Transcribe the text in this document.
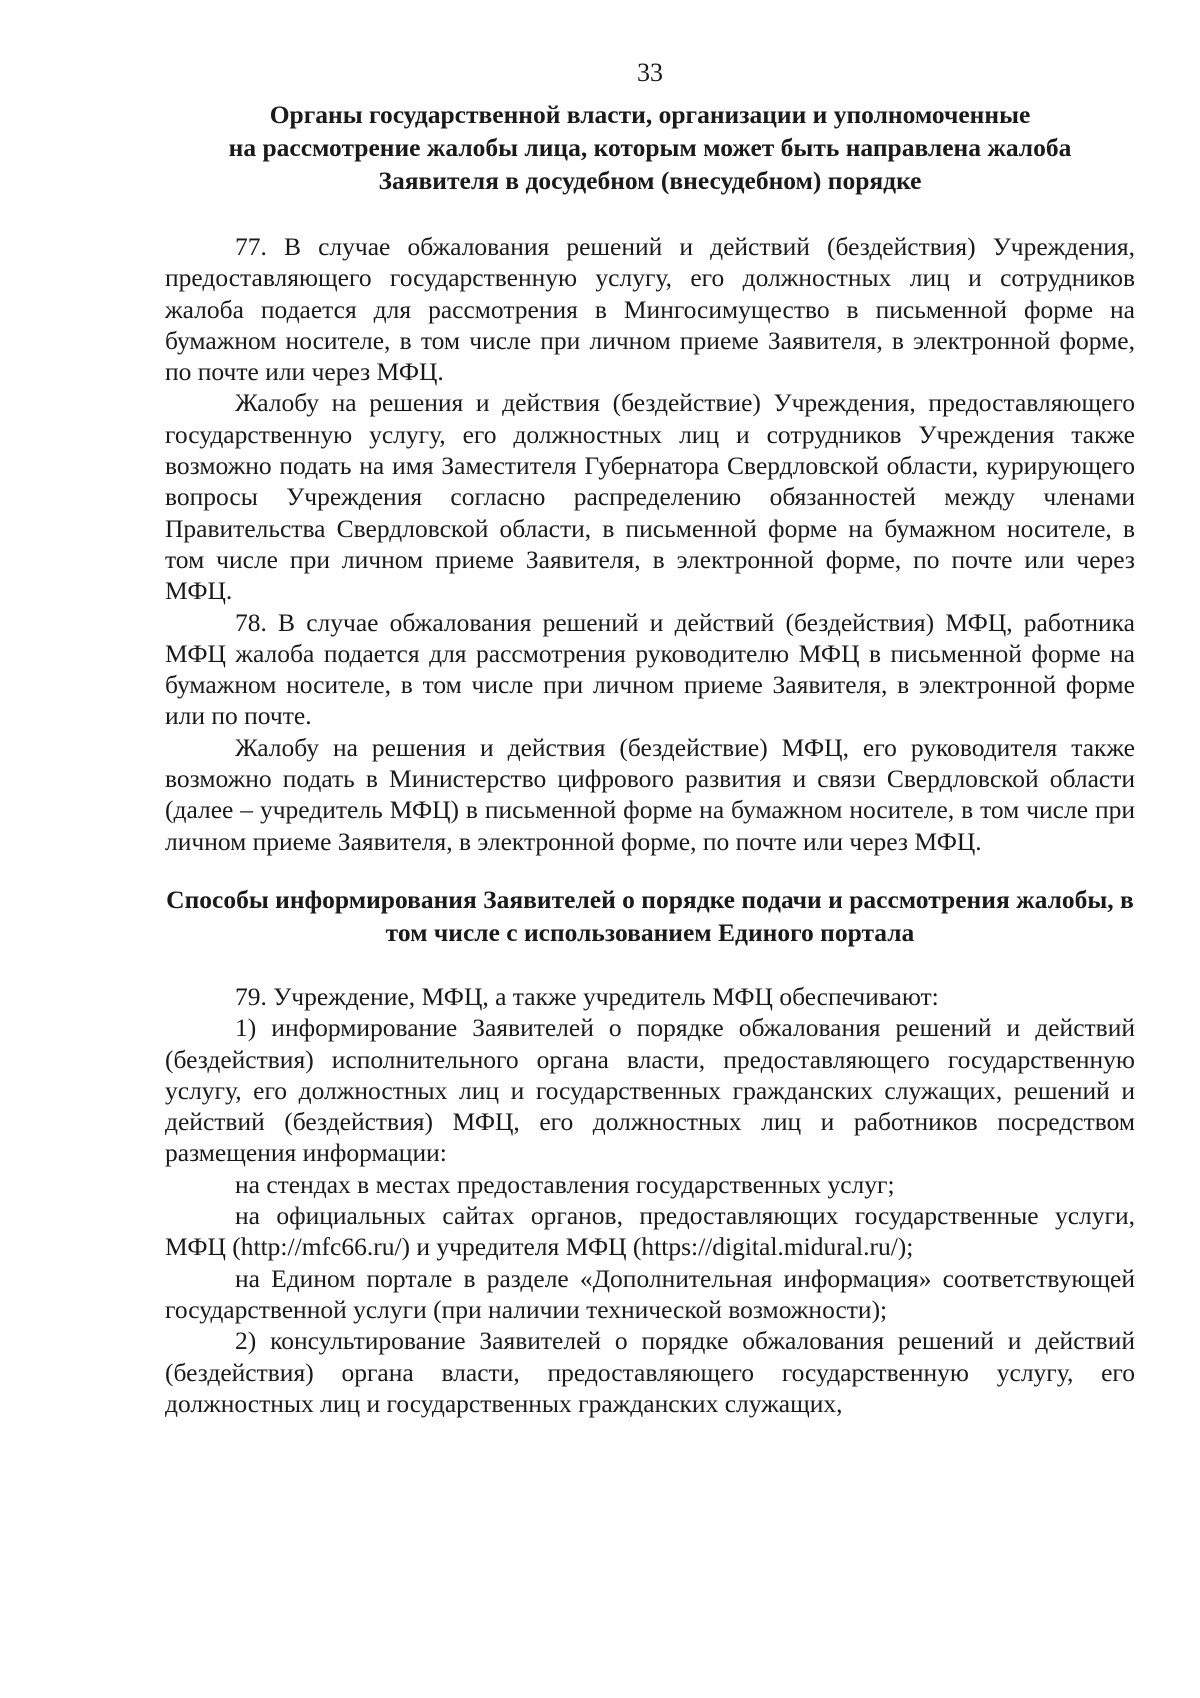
33
Органы государственной власти, организации и уполномоченные
на рассмотрение жалобы лица, которым может быть направлена жалоба
Заявителя в досудебном (внесудебном) порядке

77. В случае обжалования решений и действий (бездействия) Учреждения, предоставляющего государственную услугу, его должностных лиц и сотрудников жалоба подается для рассмотрения в Мингосимущество в письменной форме на бумажном носителе, в том числе при личном приеме Заявителя, в электронной форме, по почте или через МФЦ.

Жалобу на решения и действия (бездействие) Учреждения, предоставляющего государственную услугу, его должностных лиц и сотрудников Учреждения также возможно подать на имя Заместителя Губернатора Свердловской области, курирующего вопросы Учреждения согласно распределению обязанностей между членами Правительства Свердловской области, в письменной форме на бумажном носителе, в том числе при личном приеме Заявителя, в электронной форме, по почте или через МФЦ.

78. В случае обжалования решений и действий (бездействия) МФЦ, работника МФЦ жалоба подается для рассмотрения руководителю МФЦ в письменной форме на бумажном носителе, в том числе при личном приеме Заявителя, в электронной форме или по почте.

Жалобу на решения и действия (бездействие) МФЦ, его руководителя также возможно подать в Министерство цифрового развития и связи Свердловской области (далее – учредитель МФЦ) в письменной форме на бумажном носителе, в том числе при личном приеме Заявителя, в электронной форме, по почте или через МФЦ.

Способы информирования Заявителей о порядке подачи и рассмотрения жалобы, в том числе с использованием Единого портала

79. Учреждение, МФЦ, а также учредитель МФЦ обеспечивают:

1) информирование Заявителей о порядке обжалования решений и действий (бездействия) исполнительного органа власти, предоставляющего государственную услугу, его должностных лиц и государственных гражданских служащих, решений и действий (бездействия) МФЦ, его должностных лиц и работников посредством размещения информации:

на стендах в местах предоставления государственных услуг;

на официальных сайтах органов, предоставляющих государственные услуги, МФЦ (http://mfc66.ru/) и учредителя МФЦ (https://digital.midural.ru/);

на Едином портале в разделе «Дополнительная информация» соответствующей государственной услуги (при наличии технической возможности);

2) консультирование Заявителей о порядке обжалования решений и действий (бездействия) органа власти, предоставляющего государственную услугу, его должностных лиц и государственных гражданских служащих,
